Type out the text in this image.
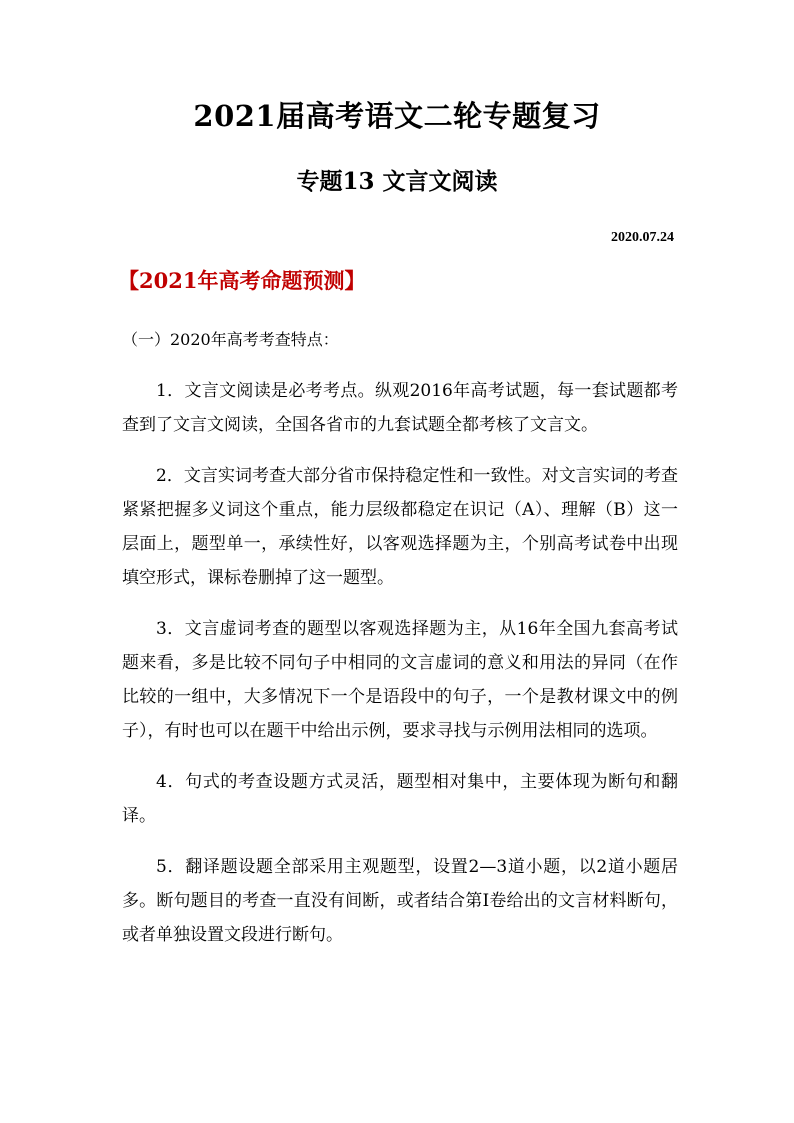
2021届高考语文二轮专题复习
专题13 文言文阅读
2020.07.24
【2021年高考命题预测】
（一）2020年高考考查特点：

1．文言文阅读是必考考点。纵观2016年高考试题，每一套试题都考查到了文言文阅读，全国各省市的九套试题全都考核了文言文。

2．文言实词考查大部分省市保持稳定性和一致性。对文言实词的考查紧紧把握多义词这个重点，能力层级都稳定在识记（A）、理解（B）这一层面上，题型单一，承续性好，以客观选择题为主，个别高考试卷中出现填空形式，课标卷删掉了这一题型。

3．文言虚词考查的题型以客观选择题为主，从16年全国九套高考试题来看，多是比较不同句子中相同的文言虚词的意义和用法的异同（在作比较的一组中，大多情况下一个是语段中的句子，一个是教材课文中的例子），有时也可以在题干中给出示例，要求寻找与示例用法相同的选项。

4．句式的考查设题方式灵活，题型相对集中，主要体现为断句和翻译。

5．翻译题设题全部采用主观题型，设置2—3道小题，以2道小题居多。断句题目的考查一直没有间断，或者结合第I卷给出的文言材料断句，或者单独设置文段进行断句。
